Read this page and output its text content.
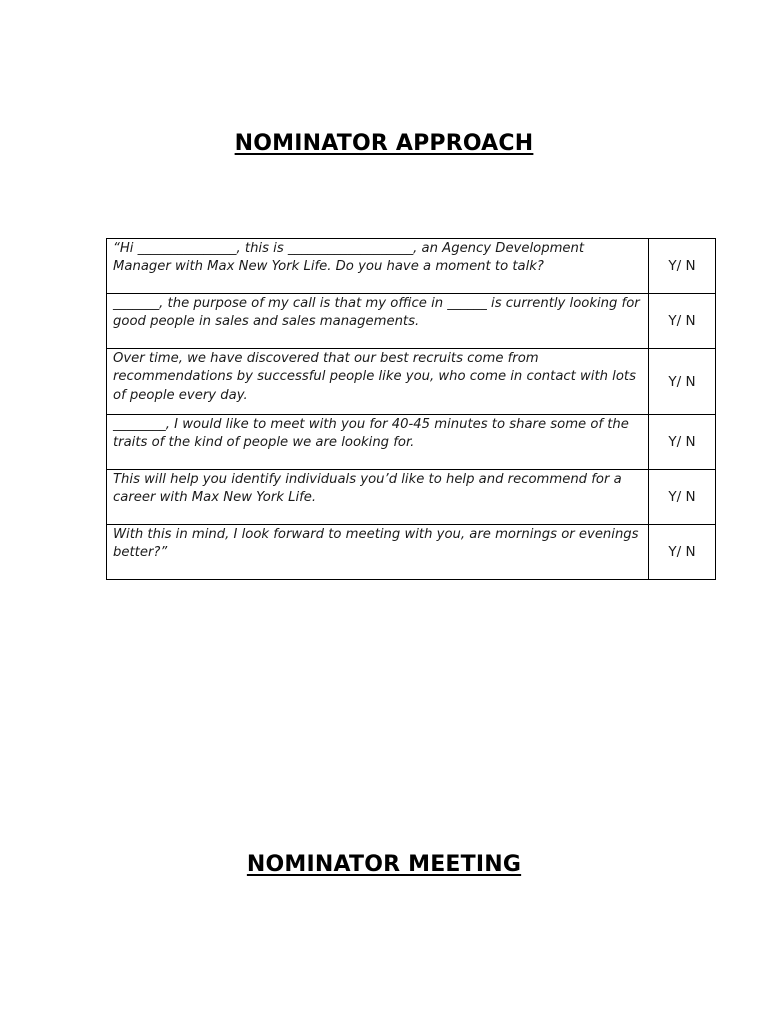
NOMINATOR APPROACH
“Hi _______________, this is ___________________, an Agency Development Manager with Max New York Life. Do you have a moment to talk?	Y/ N
_______, the purpose of my call is that my office in ______ is currently looking for good people in sales and sales managements.	Y/ N
Over time, we have discovered that our best recruits come from recommendations by successful people like you, who come in contact with lots of people every day.	Y/ N
________, I would like to meet with you for 40-45 minutes to share some of the traits of the kind of people we are looking for.	Y/ N
This will help you identify individuals you’d like to help and recommend for a career with Max New York Life.	Y/ N
With this in mind, I look forward to meeting with you, are mornings or evenings better?”	Y/ N
NOMINATOR MEETING
